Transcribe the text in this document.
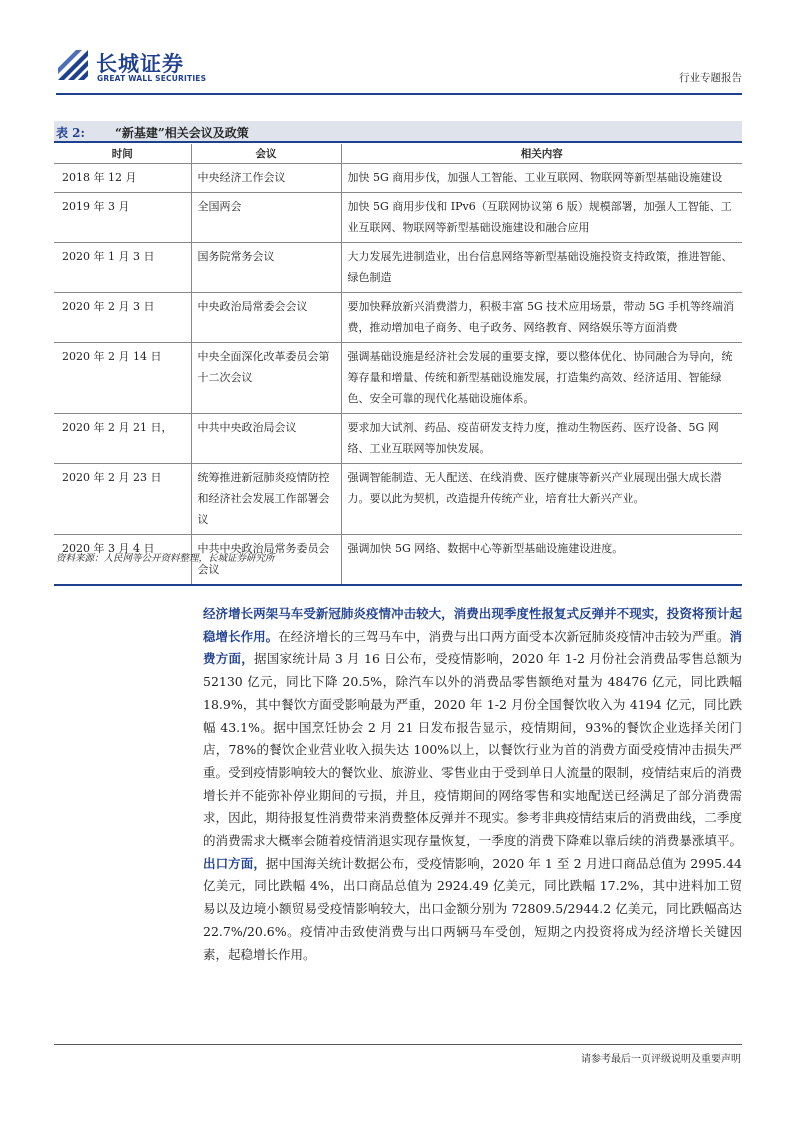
长城证券
GREAT WALL SECURITIES	行业专题报告
表 2:	“新基建”相关会议及政策
时间	会议	相关内容
2018 年 12 月	中央经济工作会议	加快 5G 商用步伐，加强人工智能、工业互联网、物联网等新型基础设施建设
2019 年 3 月	全国两会	加快 5G 商用步伐和 IPv6（互联网协议第 6 版）规模部署，加强人工智能、工业互联网、物联网等新型基础设施建设和融合应用
2020 年 1 月 3 日	国务院常务会议	大力发展先进制造业，出台信息网络等新型基础设施投资支持政策，推进智能、绿色制造
2020 年 2 月 3 日	中央政治局常委会会议	要加快释放新兴消费潜力，积极丰富 5G 技术应用场景，带动 5G 手机等终端消费，推动增加电子商务、电子政务、网络教育、网络娱乐等方面消费
2020 年 2 月 14 日	中央全面深化改革委员会第十二次会议	强调基础设施是经济社会发展的重要支撑，要以整体优化、协同融合为导向，统筹存量和增量、传统和新型基础设施发展，打造集约高效、经济适用、智能绿色、安全可靠的现代化基础设施体系。
2020 年 2 月 21 日，	中共中央政治局会议	要求加大试剂、药品、疫苗研发支持力度，推动生物医药、医疗设备、5G 网络、工业互联网等加快发展。
2020 年 2 月 23 日	统筹推进新冠肺炎疫情防控和经济社会发展工作部署会议	强调智能制造、无人配送、在线消费、医疗健康等新兴产业展现出强大成长潜力。要以此为契机，改造提升传统产业，培育壮大新兴产业。
2020 年 3 月 4 日	中共中央政治局常务委员会会议	强调加快 5G 网络、数据中心等新型基础设施建设进度。
资料来源：人民网等公开资料整理，长城证券研究所
经济增长两架马车受新冠肺炎疫情冲击较大，消费出现季度性报复式反弹并不现实，投资将预计起稳增长作用。在经济增长的三驾马车中，消费与出口两方面受本次新冠肺炎疫情冲击较为严重。消费方面，据国家统计局 3 月 16 日公布，受疫情影响，2020 年 1-2 月份社会消费品零售总额为 52130 亿元，同比下降 20.5%，除汽车以外的消费品零售额绝对量为 48476 亿元，同比跌幅 18.9%，其中餐饮方面受影响最为严重，2020 年 1-2 月份全国餐饮收入为 4194 亿元，同比跌幅 43.1%。据中国烹饪协会 2 月 21 日发布报告显示，疫情期间，93%的餐饮企业选择关闭门店，78%的餐饮企业营业收入损失达 100%以上，以餐饮行业为首的消费方面受疫情冲击损失严重。受到疫情影响较大的餐饮业、旅游业、零售业由于受到单日人流量的限制，疫情结束后的消费增长并不能弥补停业期间的亏损，并且，疫情期间的网络零售和实地配送已经满足了部分消费需求，因此，期待报复性消费带来消费整体反弹并不现实。参考非典疫情结束后的消费曲线，二季度的消费需求大概率会随着疫情消退实现存量恢复，一季度的消费下降难以靠后续的消费暴涨填平。出口方面，据中国海关统计数据公布，受疫情影响，2020 年 1 至 2 月进口商品总值为 2995.44 亿美元，同比跌幅 4%，出口商品总值为 2924.49 亿美元，同比跌幅 17.2%，其中进料加工贸易以及边境小额贸易受疫情影响较大，出口金额分别为 72809.5/2944.2 亿美元，同比跌幅高达 22.7%/20.6%。疫情冲击致使消费与出口两辆马车受创，短期之内投资将成为经济增长关键因素，起稳增长作用。
请参考最后一页评级说明及重要声明
